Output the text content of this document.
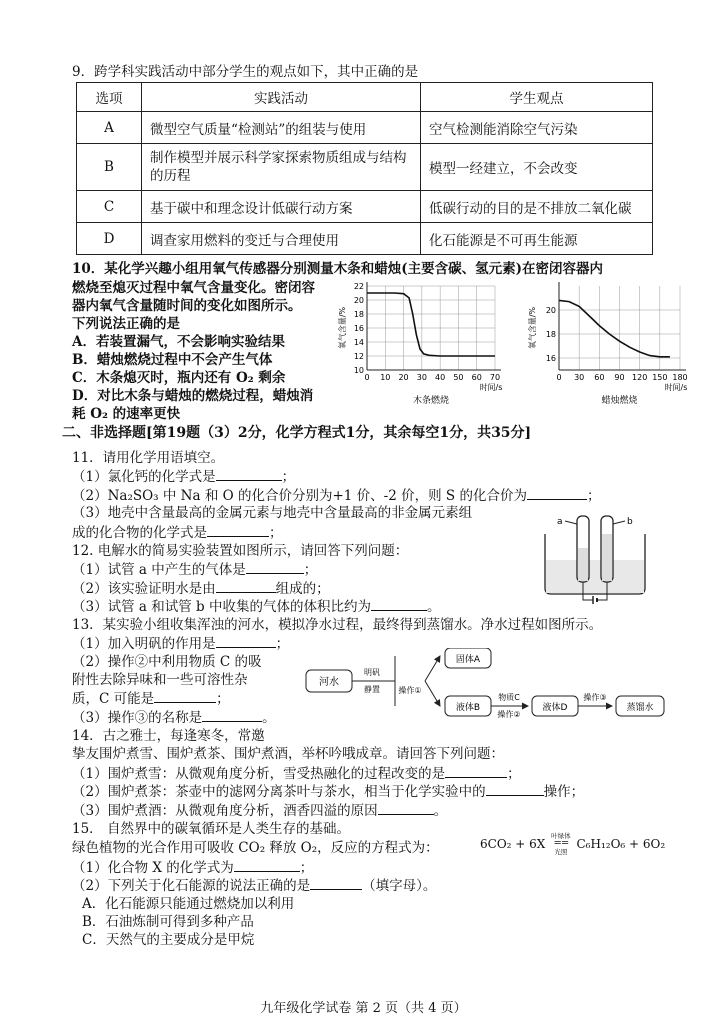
9．跨学科实践活动中部分学生的观点如下，其中正确的是
选项	实践活动	学生观点
A	微型空气质量“检测站”的组装与使用	空气检测能消除空气污染
B	制作模型并展示科学家探索物质组成与结构的历程	模型一经建立，不会改变
C	基于碳中和理念设计低碳行动方案	低碳行动的目的是不排放二氧化碳
D	调查家用燃料的变迁与合理使用	化石能源是不可再生能源
10．某化学兴趣小组用氧气传感器分别测量木条和蜡烛(主要含碳、氢元素)在密闭容器内
燃烧至熄灭过程中氧气含量变化。密闭容
器内氧气含量随时间的变化如图所示。
下列说法正确的是
A．若装置漏气，不会影响实验结果
B．蜡烛燃烧过程中不会产生气体
C．木条熄灭时，瓶内还有 O₂ 剩余
D．对比木条与蜡烛的燃烧过程，蜡烛消
耗 O₂ 的速率更快
0 10 20 30 40 50 60 70
10
12
14
16
18
20
22
时间/s
氧气含量/%
木条燃烧
0 30 60 90 120 150 180
16
18
20
时间/s
氧气含量/%
蜡烛燃烧
二、非选择题[第19题（3）2分，化学方程式1分，其余每空1分，共35分]
11．请用化学用语填空。
（1）氯化钙的化学式是	；
（2）Na₂SO₃ 中 Na 和 O 的化合价分别为+1 价、-2 价，则 S 的化合价为	；
（3）地壳中含量最高的金属元素与地壳中含量最高的非金属元素组
成的化合物的化学式是	；
12. 电解水的简易实验装置如图所示，请回答下列问题：
（1）试管 a 中产生的气体是	；
（2）该实验证明水是由	组成的；
（3）试管 a 和试管 b 中收集的气体的体积比约为	。
a	b
13．某实验小组收集浑浊的河水，模拟净水过程，最终得到蒸馏水。净水过程如图所示。
（1）加入明矾的作用是	；
（2）操作②中利用物质 C 的吸
附性去除异味和一些可溶性杂
质，C 可能是	；
（3）操作③的名称是	。
河水
明矾
静置 操作①
固体A
液体B
物质C
操作②
液体D
操作③
蒸馏水
14．古之雅士，每逢寒冬，常邀
挚友围炉煮雪、围炉煮茶、围炉煮酒，举杯吟哦成章。请回答下列问题：
（1）围炉煮雪：从微观角度分析，雪受热融化的过程改变的是	；
（2）围炉煮茶：茶壶中的滤网分离茶叶与茶水，相当于化学实验中的	操作；
（3）围炉煮酒：从微观角度分析，酒香四溢的原因	。
15． 自然界中的碳氧循环是人类生存的基础。
绿色植物的光合作用可吸收 CO₂ 释放 O₂，反应的方程式为：	6CO₂ + 6X
叶绿体
==
光照
C₆H₁₂O₆ + 6O₂
（1）化合物 X 的化学式为	；
（2）下列关于化石能源的说法正确的是	（填字母）。
A．化石能源只能通过燃烧加以利用
B．石油炼制可得到多种产品
C．天然气的主要成分是甲烷
九年级化学试卷 第 2 页（共 4 页）
